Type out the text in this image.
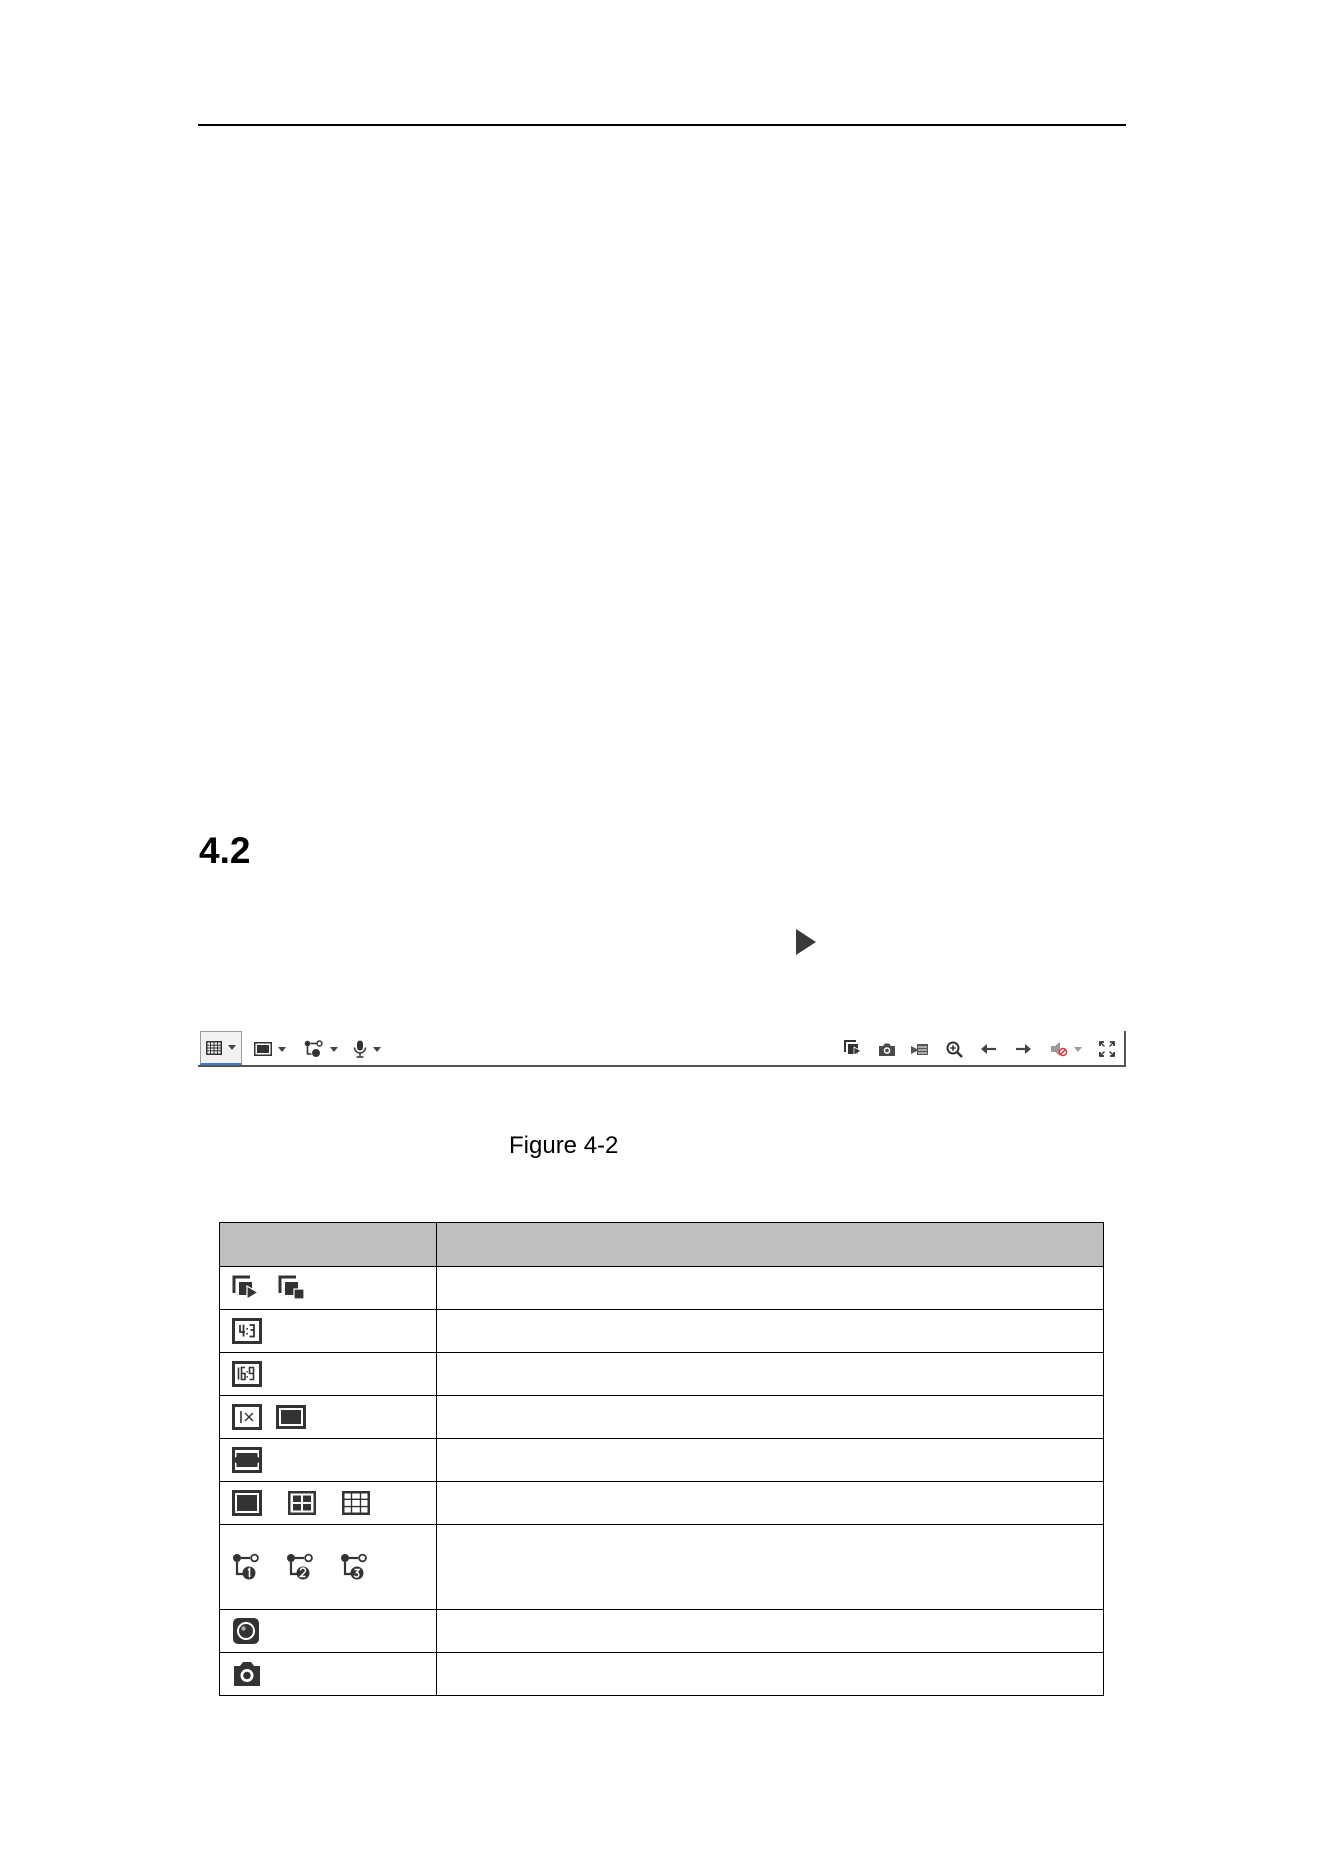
4.2
Figure 4-2
